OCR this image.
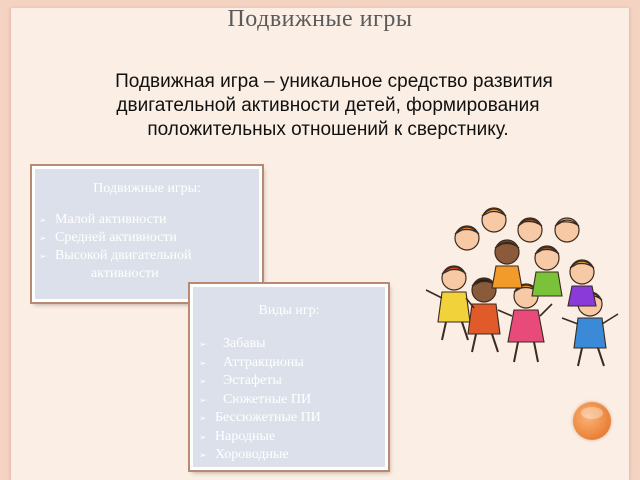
Подвижные игры
Подвижная игра – уникальное средство развития двигательной активности детей, формирования положительных отношений к сверстнику.
Подвижные игры:
➢ Малой активности
➢ Средней активности
➢ Высокой двигательной
активности
Виды игр:
➢ Забавы
➢ Аттракционы
➢ Эстафеты
➢ Сюжетные ПИ
➢ Бессюжетные ПИ
➢ Народные
➢ Хороводные
